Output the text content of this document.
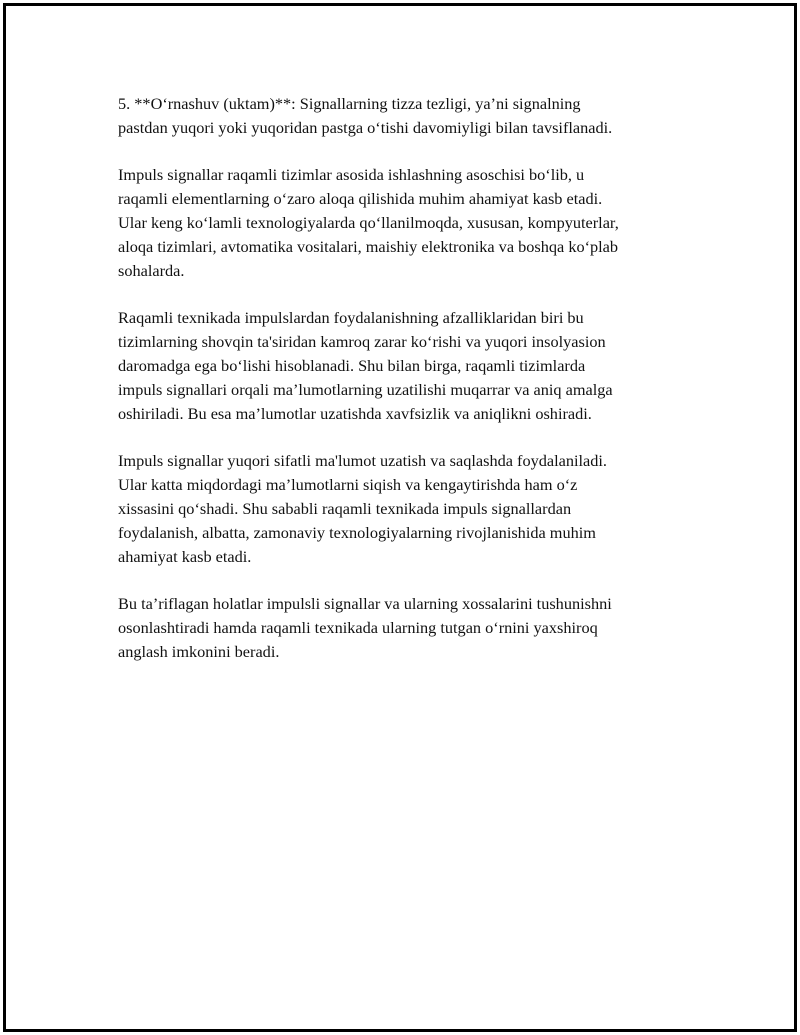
5. **O‘rnashuv (uktam)**: Signallarning tizza tezligi, ya’ni signalning
pastdan yuqori yoki yuqoridan pastga o‘tishi davomiyligi bilan tavsiflanadi.

Impuls signallar raqamli tizimlar asosida ishlashning asoschisi bo‘lib, u
raqamli elementlarning o‘zaro aloqa qilishida muhim ahamiyat kasb etadi.
Ular keng ko‘lamli texnologiyalarda qo‘llanilmoqda, xususan, kompyuterlar,
aloqa tizimlari, avtomatika vositalari, maishiy elektronika va boshqa ko‘plab
sohalarda.

Raqamli texnikada impulslardan foydalanishning afzalliklaridan biri bu
tizimlarning shovqin ta'siridan kamroq zarar ko‘rishi va yuqori insolyasion
daromadga ega bo‘lishi hisoblanadi. Shu bilan birga, raqamli tizimlarda
impuls signallari orqali ma’lumotlarning uzatilishi muqarrar va aniq amalga
oshiriladi. Bu esa ma’lumotlar uzatishda xavfsizlik va aniqlikni oshiradi.

Impuls signallar yuqori sifatli ma'lumot uzatish va saqlashda foydalaniladi.
Ular katta miqdordagi ma’lumotlarni siqish va kengaytirishda ham o‘z
xissasini qo‘shadi. Shu sababli raqamli texnikada impuls signallardan
foydalanish, albatta, zamonaviy texnologiyalarning rivojlanishida muhim
ahamiyat kasb etadi.

Bu ta’riflagan holatlar impulsli signallar va ularning xossalarini tushunishni
osonlashtiradi hamda raqamli texnikada ularning tutgan o‘rnini yaxshiroq
anglash imkonini beradi.
